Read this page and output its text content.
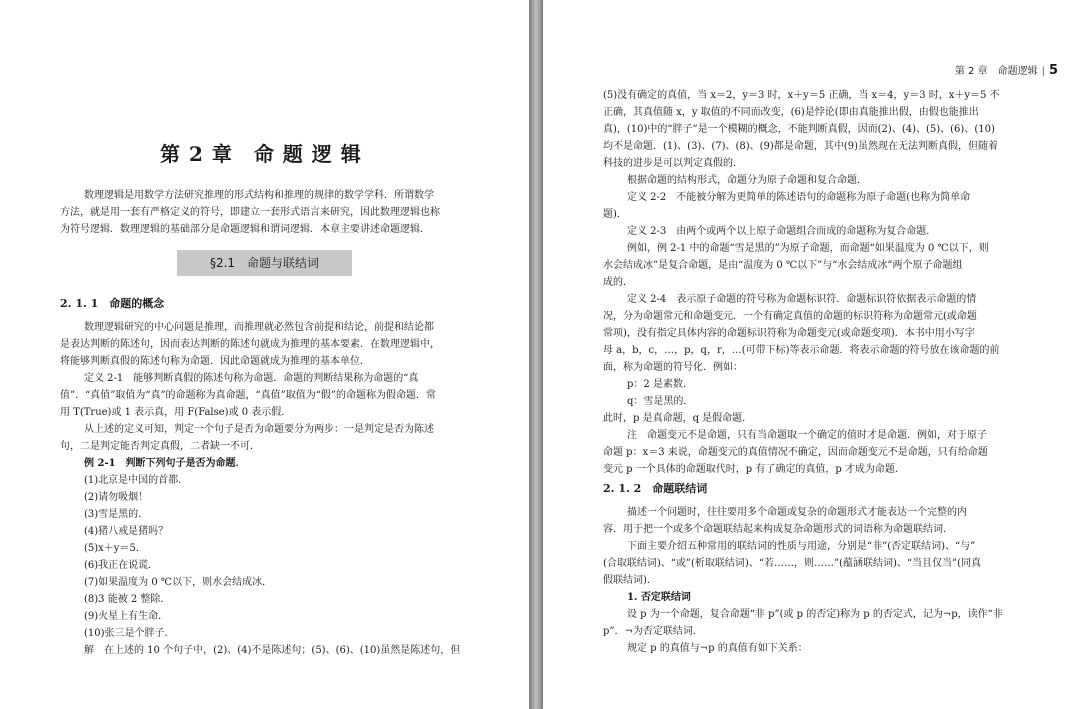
第 2 章　命 题 逻 辑
数理逻辑是用数学方法研究推理的形式结构和推理的规律的数学学科．所谓数学
方法，就是用一套有严格定义的符号，即建立一套形式语言来研究，因此数理逻辑也称
为符号逻辑．数理逻辑的基础部分是命题逻辑和谓词逻辑．本章主要讲述命题逻辑．
§2.1　命题与联结词
2. 1. 1　命题的概念
数理逻辑研究的中心问题是推理，而推理就必然包含前提和结论，前提和结论都
是表达判断的陈述句，因而表达判断的陈述句就成为推理的基本要素．在数理逻辑中，
将能够判断真假的陈述句称为命题．因此命题就成为推理的基本单位．
定义 2-1　能够判断真假的陈述句称为命题．命题的判断结果称为命题的“真
值”．“真值”取值为“真”的命题称为真命题，“真值”取值为“假”的命题称为假命题．常
用 T(True)或 1 表示真，用 F(False)或 0 表示假．
从上述的定义可知，判定一个句子是否为命题要分为两步：一是判定是否为陈述
句，二是判定能否判定真假，二者缺一不可．
例 2-1　判断下列句子是否为命题．
(1)北京是中国的首都．
(2)请勿吸烟！
(3)雪是黑的．
(4)猪八戒是猪吗？
(5)x＋y＝5．
(6)我正在说谎．
(7)如果温度为 0 ℃以下，则水会结成冰．
(8)3 能被 2 整除．
(9)火星上有生命．
(10)张三是个胖子．
解　在上述的 10 个句子中，(2)、(4)不是陈述句；(5)、(6)、(10)虽然是陈述句，但
第 2 章　命题逻辑 | 5
(5)没有确定的真值，当 x＝2，y＝3 时，x＋y＝5 正确，当 x＝4，y＝3 时，x＋y＝5 不
正确，其真值随 x，y 取值的不同而改变，(6)是悖论(即由真能推出假，由假也能推出
真)，(10)中的“胖子”是一个模糊的概念，不能判断真假，因而(2)、(4)、(5)、(6)、(10)
均不是命题．(1)、(3)、(7)、(8)、(9)都是命题，其中(9)虽然现在无法判断真假，但随着
科技的进步是可以判定真假的．
根据命题的结构形式，命题分为原子命题和复合命题．
定义 2-2　不能被分解为更简单的陈述语句的命题称为原子命题(也称为简单命
题)．
定义 2-3　由两个或两个以上原子命题组合而成的命题称为复合命题．
例如，例 2-1 中的命题“雪是黑的”为原子命题，而命题“如果温度为 0 ℃以下，则
水会结成冰”是复合命题，是由“温度为 0 ℃以下”与“水会结成冰”两个原子命题组
成的．
定义 2-4　表示原子命题的符号称为命题标识符．命题标识符依据表示命题的情
况，分为命题常元和命题变元．一个有确定真值的命题的标识符称为命题常元(或命题
常项)，没有指定具体内容的命题标识符称为命题变元(或命题变项)．本书中用小写字
母 a，b，c，…，p，q，r，…(可带下标)等表示命题．将表示命题的符号放在该命题的前
面，称为命题的符号化．例如：
p：2 是素数．
q：雪是黑的．
此时，p 是真命题，q 是假命题．
注　命题变元不是命题，只有当命题取一个确定的值时才是命题．例如，对于原子
命题 p：x＝3 来说，命题变元的真值情况不确定，因而命题变元不是命题，只有给命题
变元 p 一个具体的命题取代时，p 有了确定的真值，p 才成为命题．
2. 1. 2　命题联结词
描述一个问题时，往往要用多个命题或复杂的命题形式才能表达一个完整的内
容．用于把一个或多个命题联结起来构成复杂命题形式的词语称为命题联结词．
下面主要介绍五种常用的联结词的性质与用途，分别是“非”(否定联结词)、“与”
(合取联结词)、“或”(析取联结词)、“若……，则……”(蕴涵联结词)、“当且仅当”(同真
假联结词)．
1. 否定联结词
设 p 为一个命题，复合命题“非 p”(或 p 的否定)称为 p 的否定式，记为¬p，读作“非
p”．¬为否定联结词．
规定 p 的真值与¬p 的真值有如下关系：
